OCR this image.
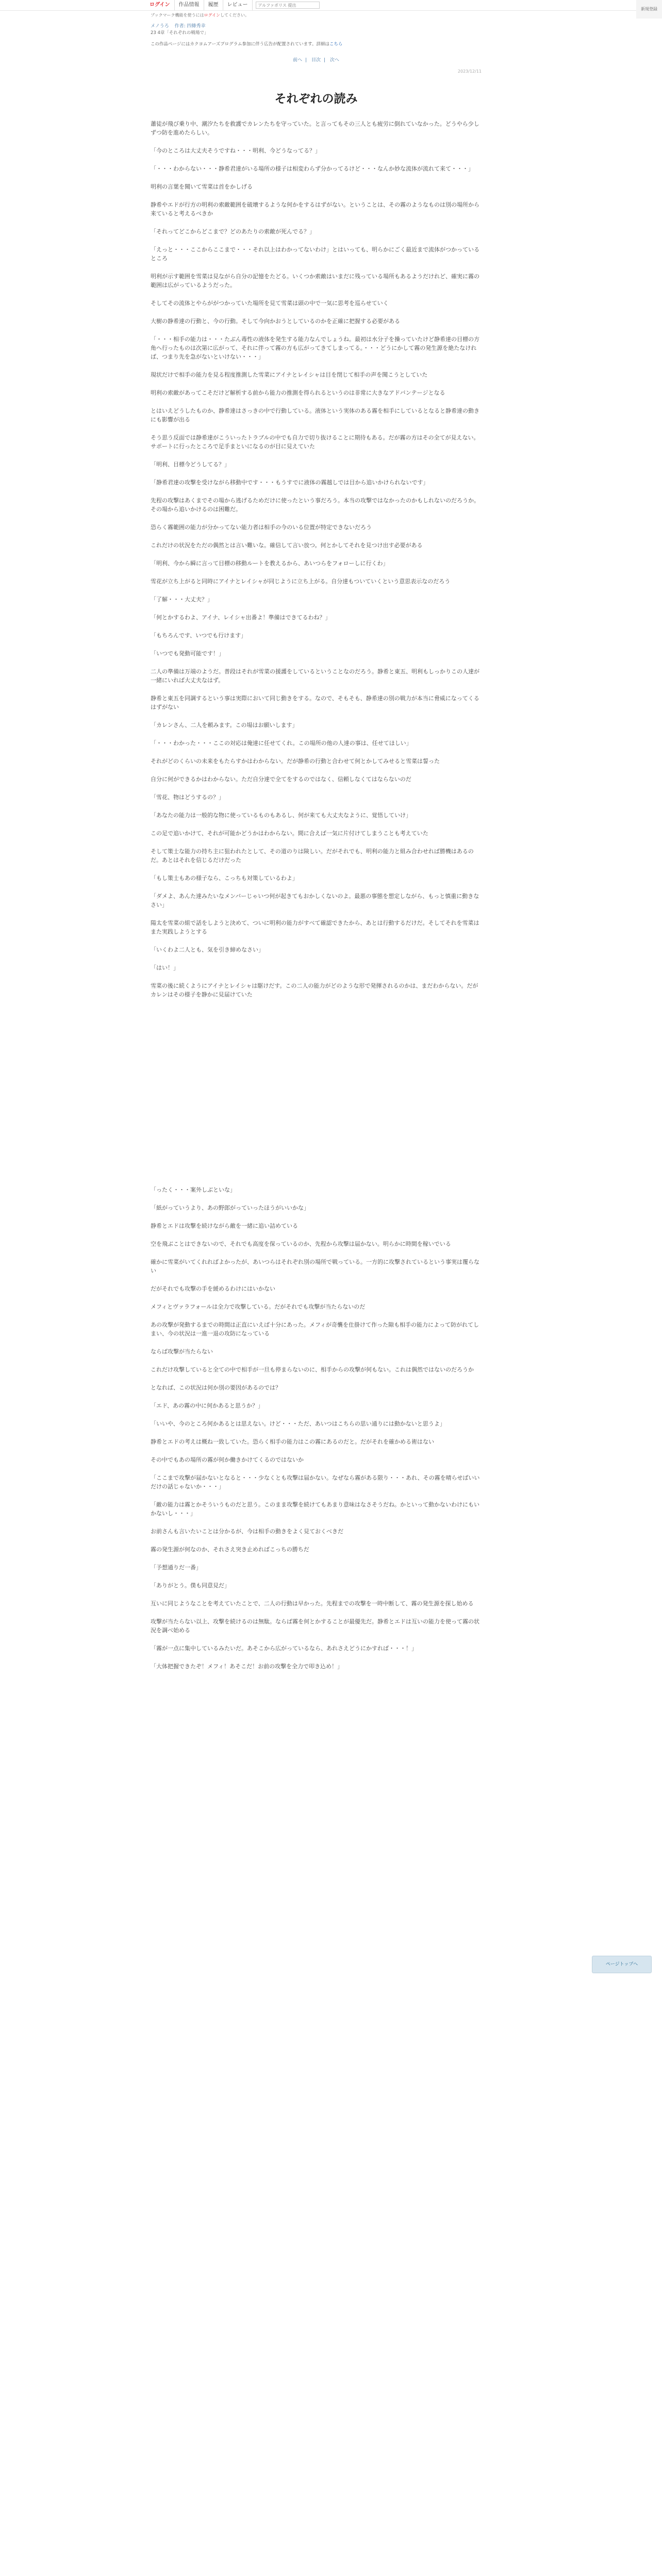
ログイン	作品情報	履歴	レビュー
アルファポリス 提出
新規登録
ブックマーク機能を使うにはログインしてください。
メノうろ 作者: 四條秀幸
23 4章「それぞれの戦場で」
この作品ページにはカクヨムアーズプログラム参加に伴う広告が配置されています。詳細はこちら
前へ | 目次 | 次へ
2023/12/11
それぞれの読み

蕭徒が飛び乗り中、潮汐たちを救護でカレンたちを守っていた。と言ってもその三人とも疲労に倒れていなかった。どうやら少しずつ防を進めたらしい。

「今のところは大丈夫そうですね・・・明利、今どうなってる？」

「・・・わからない・・・静希君達がいる場所の様子は相変わらず分かってるけど・・・なんか妙な流体が流れて来て・・・」

明利の言葉を聞いて雪菜は首をかしげる

静希やエドが行方の明利の索敵範囲を破壊するような何かをするはずがない。ということは、その霧のようなものは別の場所から来ていると考えるべきか

「それってどこからどこまで？どのあたりの索敵が死んでる？」

「えっと・・・ここからここまで・・・それ以上はわかってないわけ」とはいっても、明らかにごく最近まで流体がつかっているところ

明利が示す範囲を雪菜は見ながら自分の記憶をたどる。いくつか索敵はいまだに残っている場所もあるようだけれど、確実に霧の範囲は広がっているようだった。

そしてその流体とやらががつかっていた場所を見て雪菜は頭の中で一気に思考を巡らせていく

大樹の静希達の行動と、今の行動。そして今向かおうとしているのかを正確に把握する必要がある

「・・・相手の能力は・・・たぶん毒性の液体を発生する能力なんでしょうね。最初は水分子を操っていたけど静希達の目標の方角へ行ったものは次第に広がって、それに伴って霧の方も広がってきてしまってる。・・・どうにかして霧の発生源を絶たなければ、つまり先を急がないといけない・・・」

現状だけで相手の能力を見る程度推測した雪菜にアイナとレイシャは目を閉じて相手の声を聞こうとしていた

明利の索敵があってこそだけど解析する前から能力の推測を得られるというのは非常に大きなアドバンテージとなる

とはいえどうしたものか、静希達はさっきの中で行動している。液体という実体のある霧を相手にしているとなると静希達の動きにも影響が出る

そう思う反面では静希達がこういったトラブルの中でも自力で切り抜けることに期待もある。だが霧の方はその全てが見えない。サポートに行ったところで足手まといになるのが目に見えていた

「明利、目標今どうしてる？」

「静希君達の攻撃を受けながら移動中です・・・もうすでに液体の霧越しでは目から追いかけられないです」

先程の攻撃はあくまでその場から逃げるためだけに使ったという事だろう。本当の攻撃ではなかったのかもしれないのだろうか。その場から追いかけるのは困難だ。

恐らく霧範囲の能力が分かってない能力者は相手の今のいる位置が特定できないだろう

これだけの状況をただの偶然とは言い難いな。確信して言い放つ。何とかしてそれを見つけ出す必要がある

「明利、今から瞬に言って目標の移動ルートを教えるから、あいつらをフォローしに行くわ」

雪花が立ち上がると同時にアイナとレイシャが同じように立ち上がる。自分達もついていくという意思表示なのだろう

「了解・・・大丈夫？」

「何とかするわよ、アイナ、レイシャ出番よ！準備はできてるわね？」

「もちろんです、いつでも行けます」

「いつでも発動可能です！」

二人の準備は万端のようだ。普段はそれが雪菜の援護をしているということなのだろう。静希と東五、明利もしっかりこの人達が一緒にいれば大丈夫なはず。

静希と東五を同調するという事は実際において同じ動きをする。なので、そもそも、静希達の別の戦力が本当に脅威になってくるはずがない

「カレンさん、二人を頼みます。この場はお願いします」

「・・・わかった・・・ここの対応は俺達に任せてくれ。この場所の他の人達の事は、任せてほしい」

それがどのくらいの未来をもたらすかはわからない。だが静希の行動と合わせて何とかしてみせると雪菜は誓った

自分に何ができるかはわからない。ただ自分達で全てをするのではなく、信頼しなくてはならないのだ

「雪花、物はどうするの？」

「あなたの能力は一般的な物に使っているものもあるし、何が来ても大丈夫なように、覚悟していけ」

この足で追いかけて、それが可能かどうかはわからない。間に合えば一気に片付けてしまうことも考えていた

そして策士な能力の持ち主に狙われたとして、その道のりは険しい。だがそれでも、明利の能力と組み合わせれば勝機はあるのだ。あとはそれを信じるだけだった

「もし策士もあの様子なら、こっちも対策しているわよ」

「ダメよ、あんた達みたいなメンバーじゃいつ何が起きてもおかしくないのよ。最悪の事態を想定しながら、もっと慎重に動きなさい」

陽太を雪菜の組で話をしようと決めて、ついに明利の能力がすべて確認できたから、あとは行動するだけだ。そしてそれを雪菜はまた実践しようとする

「いくわよ二人とも、気を引き締めなさい」

「はい！」

雪菜の後に続くようにアイナとレイシャは駆けだす。この二人の能力がどのような形で発揮されるのかは、まだわからない。だがカレンはその様子を静かに見届けていた

「ったく・・・案外しぶといな」

「紙がっていうより、あの野郎がっていったほうがいいかな」

静希とエドは攻撃を続けながら敵を一緒に追い詰めている

空を飛ぶことはできないので、それでも高度を保っているのか、先程から攻撃は届かない。明らかに時間を稼いでいる

確かに雪菜がいてくれればよかったが、あいつらはそれぞれ別の場所で戦っている。一方的に攻撃されているという事実は覆らない

だがそれでも攻撃の手を緩めるわけにはいかない

メフィとヴァラフォールは全力で攻撃している。だがそれでも攻撃が当たらないのだ

あの攻撃が発動するまでの時間は正直にいえば十分にあった。メフィが奇襲を仕掛けて作った隙も相手の能力によって防がれてしまい、今の状況は一進一退の攻防になっている

ならば攻撃が当たらない

これだけ攻撃していると全ての中で相手が一旦も停まらないのに、相手からの攻撃が何もない。これは偶然ではないのだろうか

となれば、この状況は何か別の要因があるのでは？

「エド、あの霧の中に何かあると思うか？」

「いいや、今のところ何かあるとは思えない。けど・・・ただ、あいつはこちらの思い通りには動かないと思うよ」

静希とエドの考えは概ね一致していた。恐らく相手の能力はこの霧にあるのだと。だがそれを確かめる術はない

その中でもあの場所の霧が何か働きかけてくるのではないか

「ここまで攻撃が届かないとなると・・・少なくとも攻撃は届かない。なぜなら霧がある限り・・・あれ、その霧を晴らせばいいだけの話じゃないか・・・」

「敵の能力は霧とかそういうものだと思う。このまま攻撃を続けてもあまり意味はなさそうだね。かといって動かないわけにもいかないし・・・」

お前さんも言いたいことは分かるが、今は相手の動きをよく見ておくべきだ

霧の発生源が何なのか、それさえ突き止めればこっちの勝ちだ

「予想通りだ一番」

「ありがとう。僕も同意見だ」

互いに同じようなことを考えていたことで、二人の行動は早かった。先程までの攻撃を一時中断して、霧の発生源を探し始める

攻撃が当たらない以上、攻撃を続けるのは無駄。ならば霧を何とかすることが最優先だ。静希とエドは互いの能力を使って霧の状況を調べ始める

「霧が一点に集中しているみたいだ。あそこから広がっているなら、あれさえどうにかすれば・・・！」

「大体把握できたぞ！メフィ！あそこだ！お前の攻撃を全力で叩き込め！」

ページトップへ
